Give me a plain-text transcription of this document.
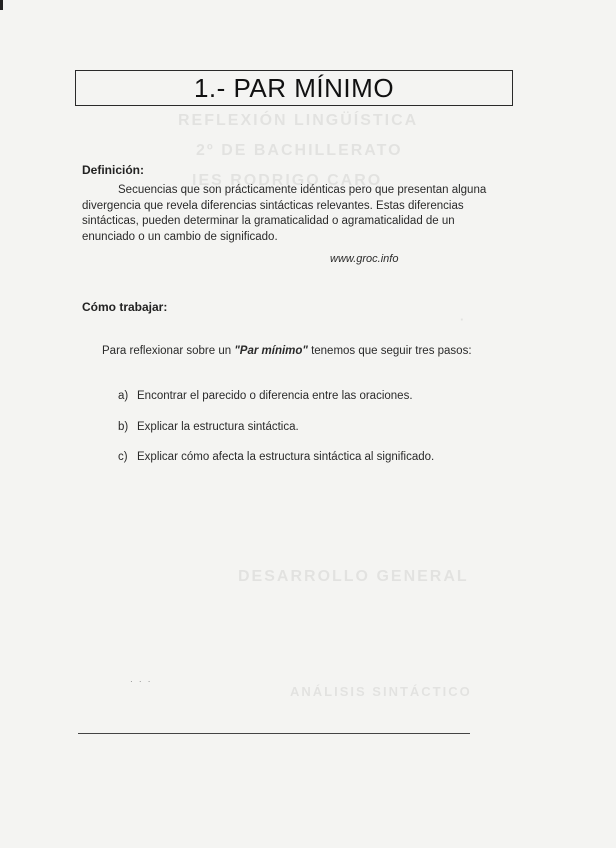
REFLEXIÓN LINGÜÍSTICA
2º DE BACHILLERATO
IES RODRIGO CARO
·
DESARROLLO GENERAL
ANÁLISIS SINTÁCTICO
1.- PAR MÍNIMO
Definición:

Secuencias que son prácticamente idénticas pero que presentan alguna divergencia que revela diferencias sintácticas relevantes. Estas diferencias sintácticas, pueden determinar la gramaticalidad o agramaticalidad de un enunciado o un cambio de significado.

www.groc.info
Cómo trabajar:
Para reflexionar sobre un "Par mínimo" tenemos que seguir tres pasos:
a) Encontrar el parecido o diferencia entre las oraciones.
b) Explicar la estructura sintáctica.
c) Explicar cómo afecta la estructura sintáctica al significado.
· · ·
